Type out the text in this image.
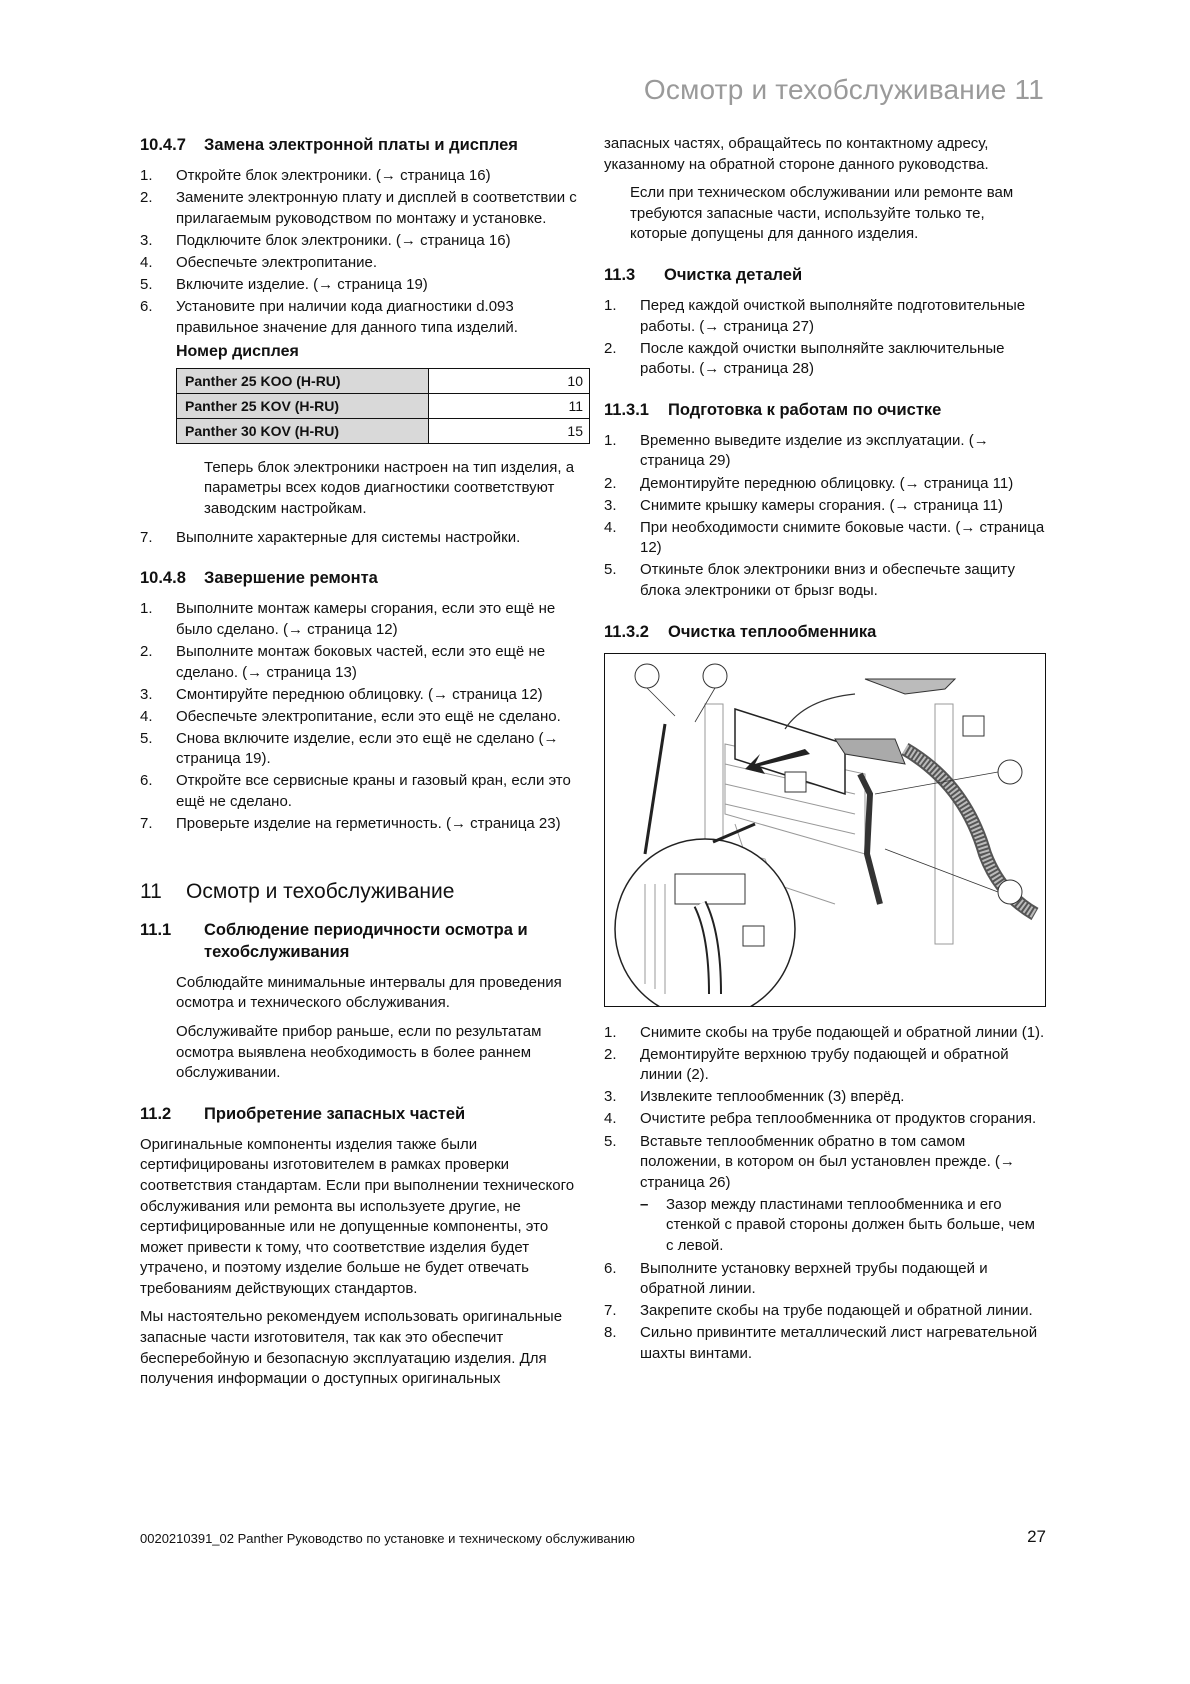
Осмотр и техобслуживание 11
10.4.7 Замена электронной платы и дисплея
1.	Откройте блок электроники. (→ страница 16)
2.	Замените электронную плату и дисплей в соответствии с прилагаемым руководством по монтажу и установке.
3.	Подключите блок электроники. (→ страница 16)
4.	Обеспечьте электропитание.
5.	Включите изделие. (→ страница 19)
6.	Установите при наличии кода диагностики d.093 правильное значение для данного типа изделий.
Номер дисплея
Panther 25 KOO (H-RU)	10
Panther 25 KOV (H-RU)	11
Panther 30 KOV (H-RU)	15
Теперь блок электроники настроен на тип изделия, а параметры всех кодов диагностики соответствуют заводским настройкам.
7.	Выполните характерные для системы настройки.
10.4.8 Завершение ремонта
1.	Выполните монтаж камеры сгорания, если это ещё не было сделано. (→ страница 12)
2.	Выполните монтаж боковых частей, если это ещё не сделано. (→ страница 13)
3.	Смонтируйте переднюю облицовку. (→ страница 12)
4.	Обеспечьте электропитание, если это ещё не сделано.
5.	Снова включите изделие, если это ещё не сделано (→ страница 19).
6.	Откройте все сервисные краны и газовый кран, если это ещё не сделано.
7.	Проверьте изделие на герметичность. (→ страница 23)
11 Осмотр и техобслуживание
11.1	Соблюдение периодичности осмотра и техобслуживания

Соблюдайте минимальные интервалы для проведения осмотра и технического обслуживания.

Обслуживайте прибор раньше, если по результатам осмотра выявлена необходимость в более раннем обслуживании.

11.2 Приобретение запасных частей

Оригинальные компоненты изделия также были сертифицированы изготовителем в рамках проверки соответствия стандартам. Если при выполнении технического обслуживания или ремонта вы используете другие, не сертифицированные или не допущенные компоненты, это может привести к тому, что соответствие изделия будет утрачено, и поэтому изделие больше не будет отвечать требованиям действующих стандартов.

Мы настоятельно рекомендуем использовать оригинальные запасные части изготовителя, так как это обеспечит бесперебойную и безопасную эксплуатацию изделия. Для получения информации о доступных оригинальных

запасных частях, обращайтесь по контактному адресу, указанному на обратной стороне данного руководства.

Если при техническом обслуживании или ремонте вам требуются запасные части, используйте только те, которые допущены для данного изделия.

11.3 Очистка деталей
1.	Перед каждой очисткой выполняйте подготовительные работы. (→ страница 27)
2.	После каждой очистки выполняйте заключительные работы. (→ страница 28)
11.3.1 Подготовка к работам по очистке
1.	Временно выведите изделие из эксплуатации. (→ страница 29)
2.	Демонтируйте переднюю облицовку. (→ страница 11)
3.	Снимите крышку камеры сгорания. (→ страница 11)
4.	При необходимости снимите боковые части. (→ страница 12)
5.	Откиньте блок электроники вниз и обеспечьте защиту блока электроники от брызг воды.
11.3.2 Очистка теплообменника
1.	Снимите скобы на трубе подающей и обратной линии (1).
2.	Демонтируйте верхнюю трубу подающей и обратной линии (2).
3.	Извлеките теплообменник (3) вперёд.
4.	Очистите ребра теплообменника от продуктов сгорания.
5.	Вставьте теплообменник обратно в том самом положении, в котором он был установлен прежде. (→ страница 26)
–	Зазор между пластинами теплообменника и его стенкой с правой стороны должен быть больше, чем с левой.
6.	Выполните установку верхней трубы подающей и обратной линии.
7.	Закрепите скобы на трубе подающей и обратной линии.
8.	Сильно привинтите металлический лист нагревательной шахты винтами.
0020210391_02 Panther Руководство по установке и техническому обслуживанию	27
